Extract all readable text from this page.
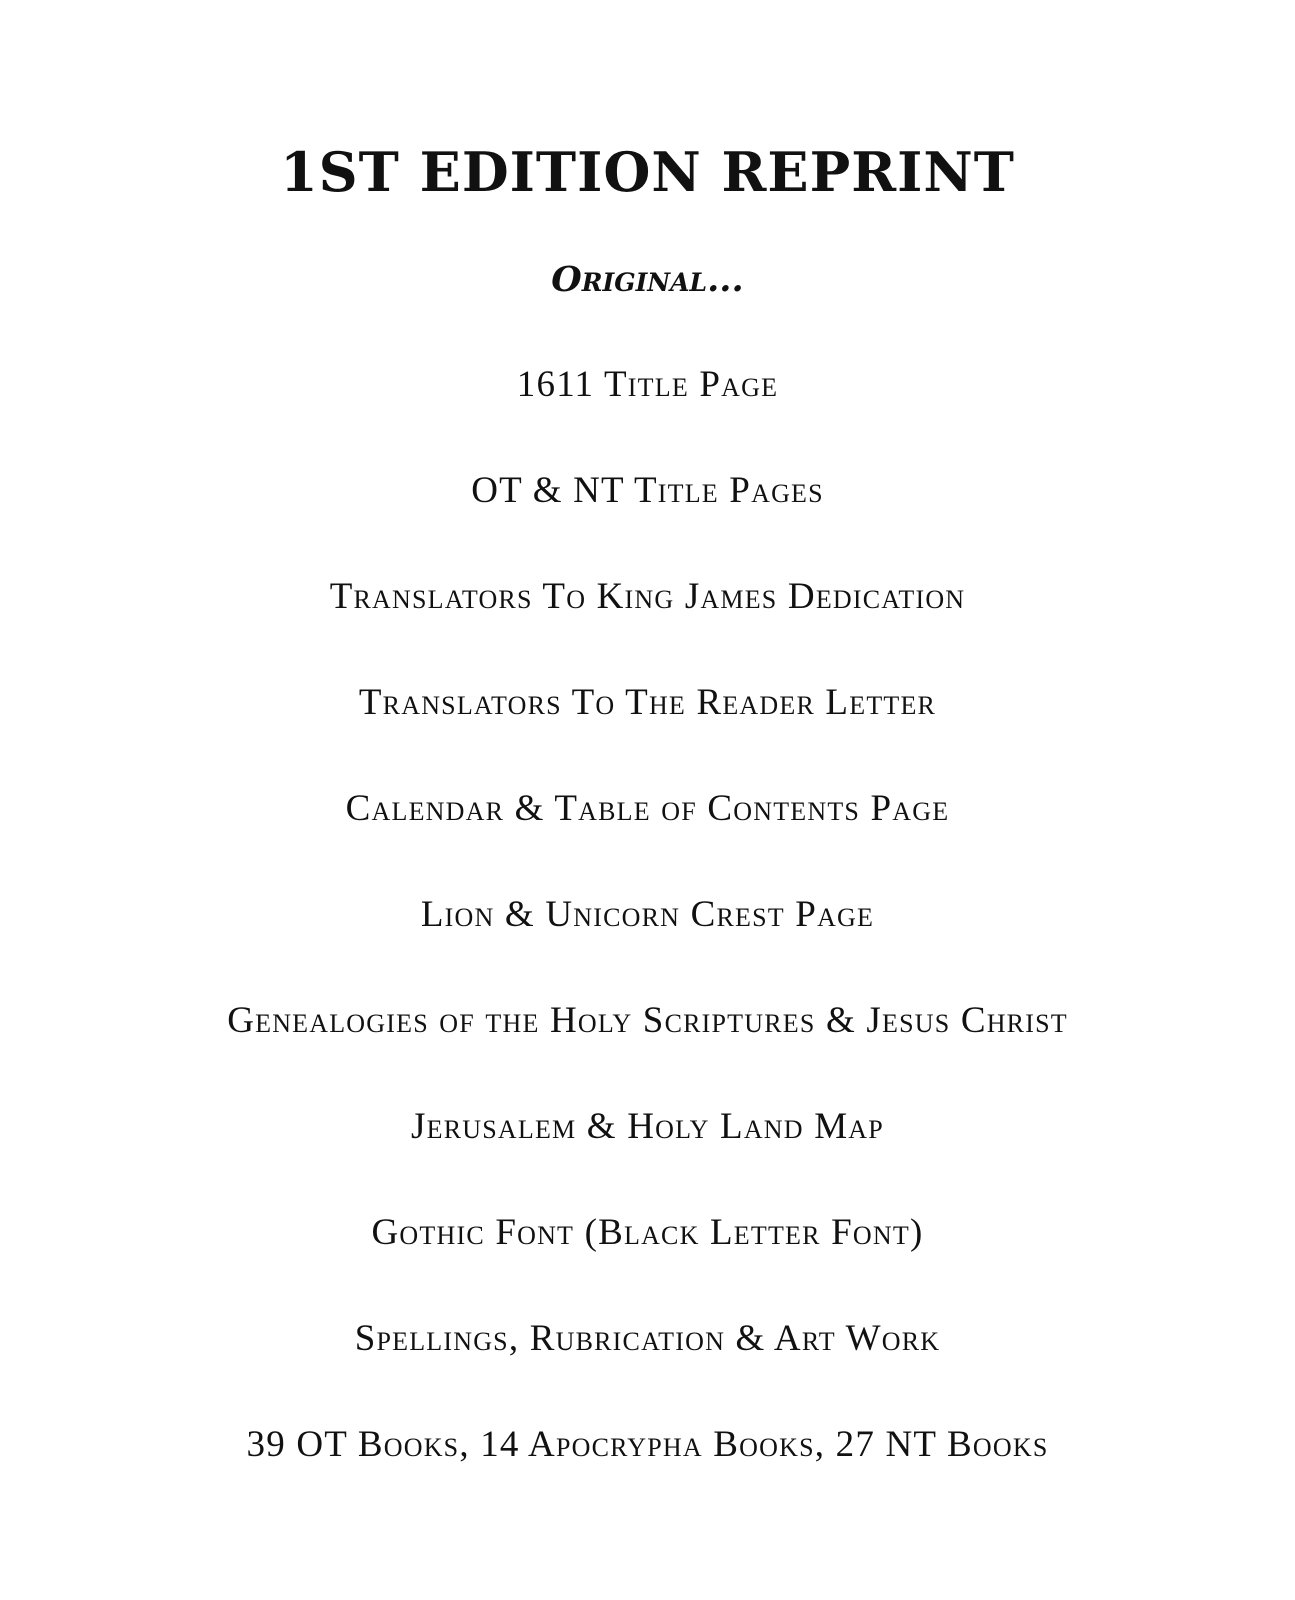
1ST EDITION REPRINT
Original...
1611 Title Page
OT & NT Title Pages
Translators To King James Dedication
Translators To The Reader Letter
Calendar & Table of Contents Page
Lion & Unicorn Crest Page
Genealogies of the Holy Scriptures & Jesus Christ
Jerusalem & Holy Land Map
Gothic Font (Black Letter Font)
Spellings, Rubrication & Art Work
39 OT Books, 14 Apocrypha Books, 27 NT Books
